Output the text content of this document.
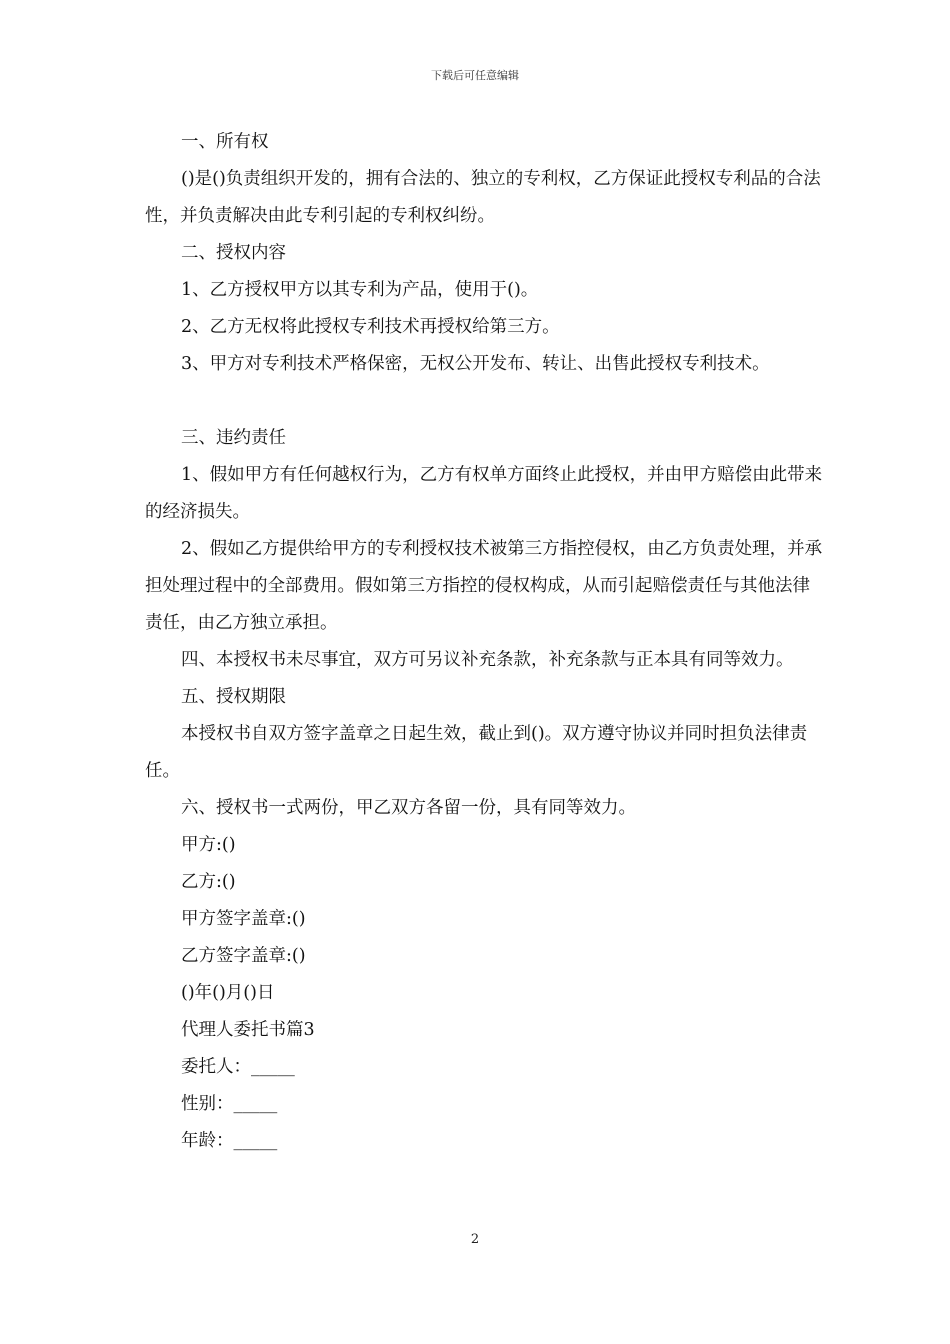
下载后可任意编辑

一、所有权

()是()负责组织开发的，拥有合法的、独立的专利权，乙方保证此授权专利品的合法性，并负责解决由此专利引起的专利权纠纷。

二、授权内容

1、乙方授权甲方以其专利为产品，使用于()。

2、乙方无权将此授权专利技术再授权给第三方。

3、甲方对专利技术严格保密，无权公开发布、转让、出售此授权专利技术。

三、违约责任

1、假如甲方有任何越权行为，乙方有权单方面终止此授权，并由甲方赔偿由此带来的经济损失。

2、假如乙方提供给甲方的专利授权技术被第三方指控侵权，由乙方负责处理，并承担处理过程中的全部费用。假如第三方指控的侵权构成，从而引起赔偿责任与其他法律责任，由乙方独立承担。

四、本授权书未尽事宜，双方可另议补充条款，补充条款与正本具有同等效力。

五、授权期限

本授权书自双方签字盖章之日起生效，截止到()。双方遵守协议并同时担负法律责任。

六、授权书一式两份，甲乙双方各留一份，具有同等效力。

甲方:()

乙方:()

甲方签字盖章:()

乙方签字盖章:()

()年()月()日

代理人委托书篇3

委托人：_____

性别：_____

年龄：_____

2
